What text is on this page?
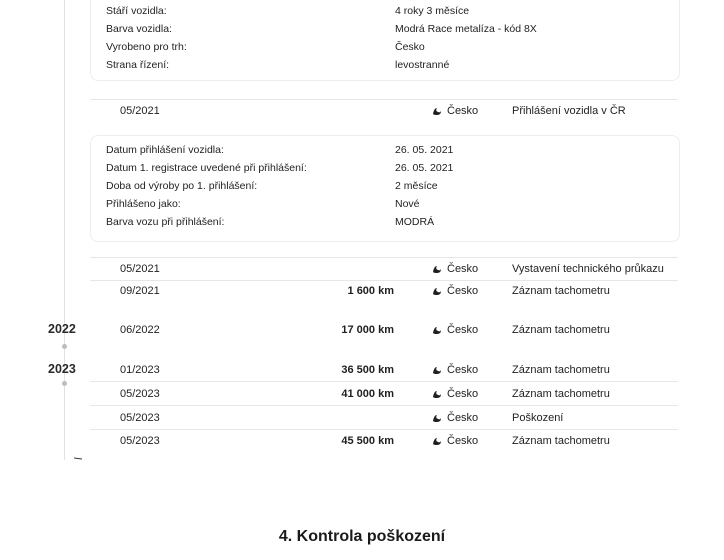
Stáří vozidla:	4 roky 3 měsíce
Barva vozidla:	Modrá Race metalíza - kód 8X
Vyrobeno pro trh:	Česko
Strana řízení:	levostranné
05/2021	Česko	Přihlášení vozidla v ČR
Datum přihlášení vozidla:	26. 05. 2021
Datum 1. registrace uvedené při přihlášení:	26. 05. 2021
Doba od výroby po 1. přihlášení:	2 měsíce
Přihlášeno jako:	Nové
Barva vozu při přihlášení:	MODRÁ
2022
2023
05/2021	Česko	Vystavení technického průkazu
09/2021	1 600 km	Česko	Záznam tachometru
06/2022	17 000 km	Česko	Záznam tachometru
01/2023	36 500 km	Česko	Záznam tachometru
05/2023	41 000 km	Česko	Záznam tachometru
05/2023	Česko	Poškození
05/2023	45 500 km	Česko	Záznam tachometru
4. Kontrola poškození
